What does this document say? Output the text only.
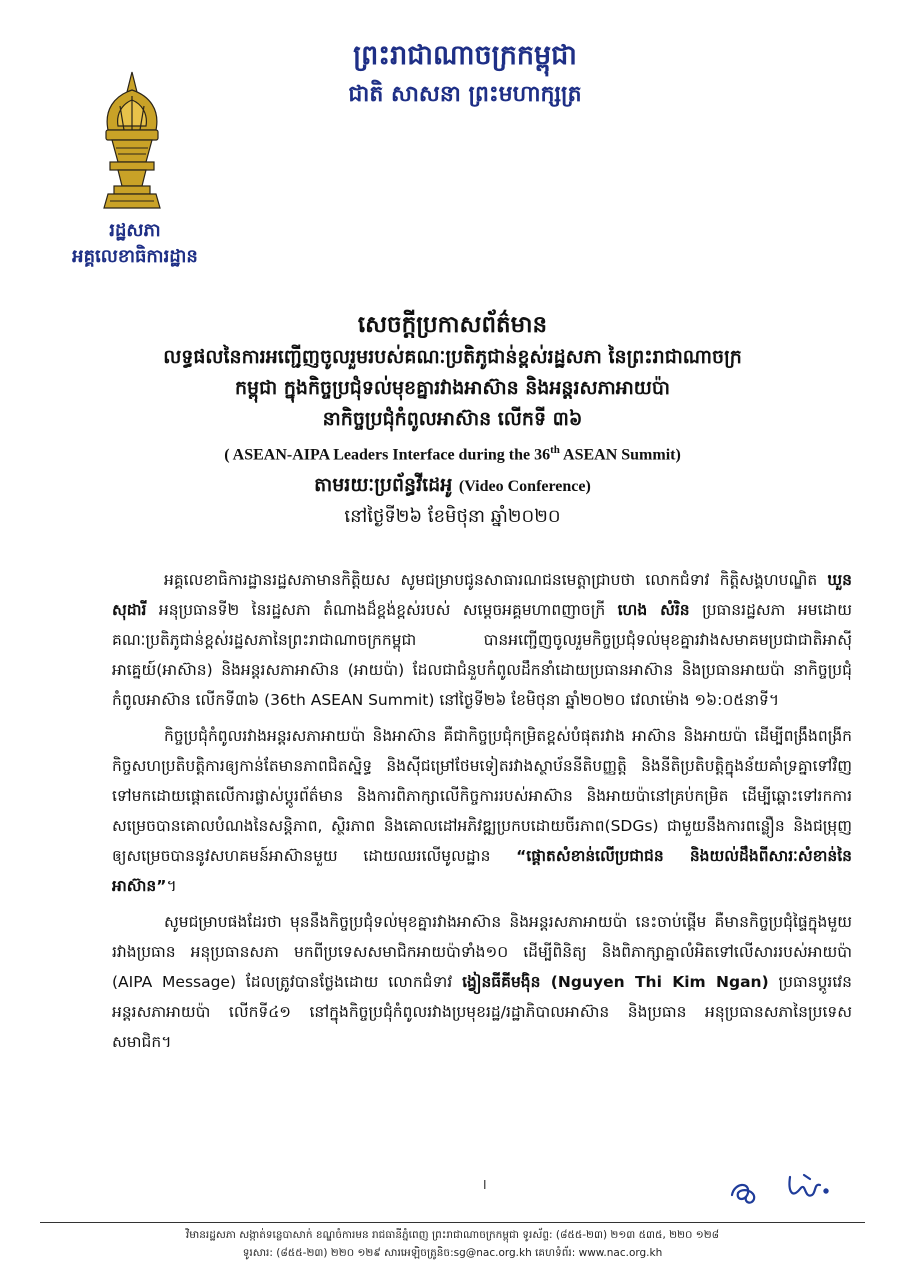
ព្រះរាជាណាចក្រកម្ពុជា
ជាតិ សាសនា ព្រះមហាក្សត្រ
រដ្ឋសភា
អគ្គលេខាធិការដ្ឋាន
សេចក្តីប្រកាសព័ត៌មាន
លទ្ធផលនៃការអញ្ជើញចូលរួមរបស់គណៈប្រតិភូជាន់ខ្ពស់រដ្ឋសភា នៃព្រះរាជាណាចក្រ
កម្ពុជា ក្នុងកិច្ចប្រជុំទល់មុខគ្នារវាងអាស៊ាន និងអន្តរសភាអាយប៉ា
នាកិច្ចប្រជុំកំពូលអាស៊ាន លើកទី ៣៦
( ASEAN-AIPA Leaders Interface during the 36th ASEAN Summit)
តាមរយៈប្រព័ន្ធវីដេអូ (Video Conference)
នៅថ្ងៃទី២៦ ខែមិថុនា ឆ្នាំ២០២០

អគ្គលេខាធិការដ្ឋានរដ្ឋសភាមានកិត្តិយស សូមជម្រាបជូនសាធារណជនមេត្តាជ្រាបថា លោកជំទាវ កិត្តិសង្គហបណ្ឌិត ឃួន សុដារី អនុប្រធានទី២ នៃរដ្ឋសភា តំណាងដ៏ខ្ពង់ខ្ពស់របស់ សម្តេចអគ្គមហាពញាចក្រី ហេង សំរិន ប្រធានរដ្ឋសភា អមដោយគណៈប្រតិភូជាន់ខ្ពស់រដ្ឋសភានៃព្រះរាជាណាចក្រកម្ពុជា បានអញ្ជើញចូលរួមកិច្ចប្រជុំទល់មុខគ្នារវាងសមាគមប្រជាជាតិអាស៊ីអាគ្នេយ៍(អាស៊ាន) និងអន្តរសភាអាស៊ាន (អាយប៉ា) ដែលជាជំនួបកំពូលដឹកនាំដោយប្រធានអាស៊ាន និងប្រធានអាយប៉ា នាកិច្ចប្រជុំកំពូលអាស៊ាន លើកទី៣៦ (36th ASEAN Summit) នៅថ្ងៃទី២៦ ខែមិថុនា ឆ្នាំ២០២០ វេលាម៉ោង ១៦:០៥នាទី។

កិច្ចប្រជុំកំពូលរវាងអន្តរសភាអាយប៉ា និងអាស៊ាន គឺជាកិច្ចប្រជុំកម្រិតខ្ពស់បំផុតរវាង អាស៊ាន និងអាយប៉ា ដើម្បីពង្រឹងពង្រីកកិច្ចសហប្រតិបត្តិការឲ្យកាន់តែមានភាពជិតស្និទ្ធ និងស៊ីជម្រៅថែមទៀតរវាងស្ថាប័ននីតិបញ្ញត្តិ និងនីតិប្រតិបត្តិក្នុងន័យគាំទ្រគ្នាទៅវិញទៅមកដោយផ្តោតលើការផ្លាស់ប្តូរព័ត៌មាន និងការពិភាក្សាលើកិច្ចការរបស់អាស៊ាន និងអាយប៉ានៅគ្រប់កម្រិត ដើម្បីឆ្ពោះទៅរកការសម្រេចបានគោលបំណងនៃសន្តិភាព, ស្ថិរភាព និងគោលដៅអភិវឌ្ឍប្រកបដោយចីរភាព(SDGs) ជាមួយនឹងការពន្លឿន និងជម្រុញឲ្យសម្រេចបាននូវសហគមន៍អាស៊ានមួយ ដោយឈរលើមូលដ្ឋាន “ផ្តោតសំខាន់លើប្រជាជន និងយល់ដឹងពីសារៈសំខាន់នៃអាស៊ាន”។

សូមជម្រាបផងដែរថា មុននឹងកិច្ចប្រជុំទល់មុខគ្នារវាងអាស៊ាន និងអន្តរសភាអាយប៉ា នេះចាប់ផ្តើម គឺមានកិច្ចប្រជុំផ្ទៃក្នុងមួយរវាងប្រធាន អនុប្រធានសភា មកពីប្រទេសសមាជិកអាយប៉ាទាំង១០ ដើម្បីពិនិត្យ និងពិភាក្សាគ្នាលំអិតទៅលើសាររបស់អាយប៉ា (AIPA Message) ដែលត្រូវបានថ្លែងដោយ លោកជំទាវ ង្វៀនធីគីមង៉ិន (Nguyen Thi Kim Ngan) ប្រធានប្តូរវេនអន្តរសភាអាយប៉ា លើកទី៤១ នៅក្នុងកិច្ចប្រជុំកំពូលរវាងប្រមុខរដ្ឋ/រដ្ឋាភិបាលអាស៊ាន និងប្រធាន អនុប្រធានសភានៃប្រទេសសមាជិក។

I
វិមានរដ្ឋសភា សង្កាត់ទន្លេបាសាក់ ខណ្ឌចំការមន រាជធានីភ្នំពេញ ព្រះរាជាណាចក្រកម្ពុជា ទូរស័ព្ទ: (៨៥៥-២៣) ២១៣ ៥៣៥, ២២០ ១២៨
ទូរសារ: (៨៥៥-២៣) ២២០ ១២៩ សារអេឡិចត្រូនិច:sg@nac.org.kh គេហទំព័រ: www.nac.org.kh
